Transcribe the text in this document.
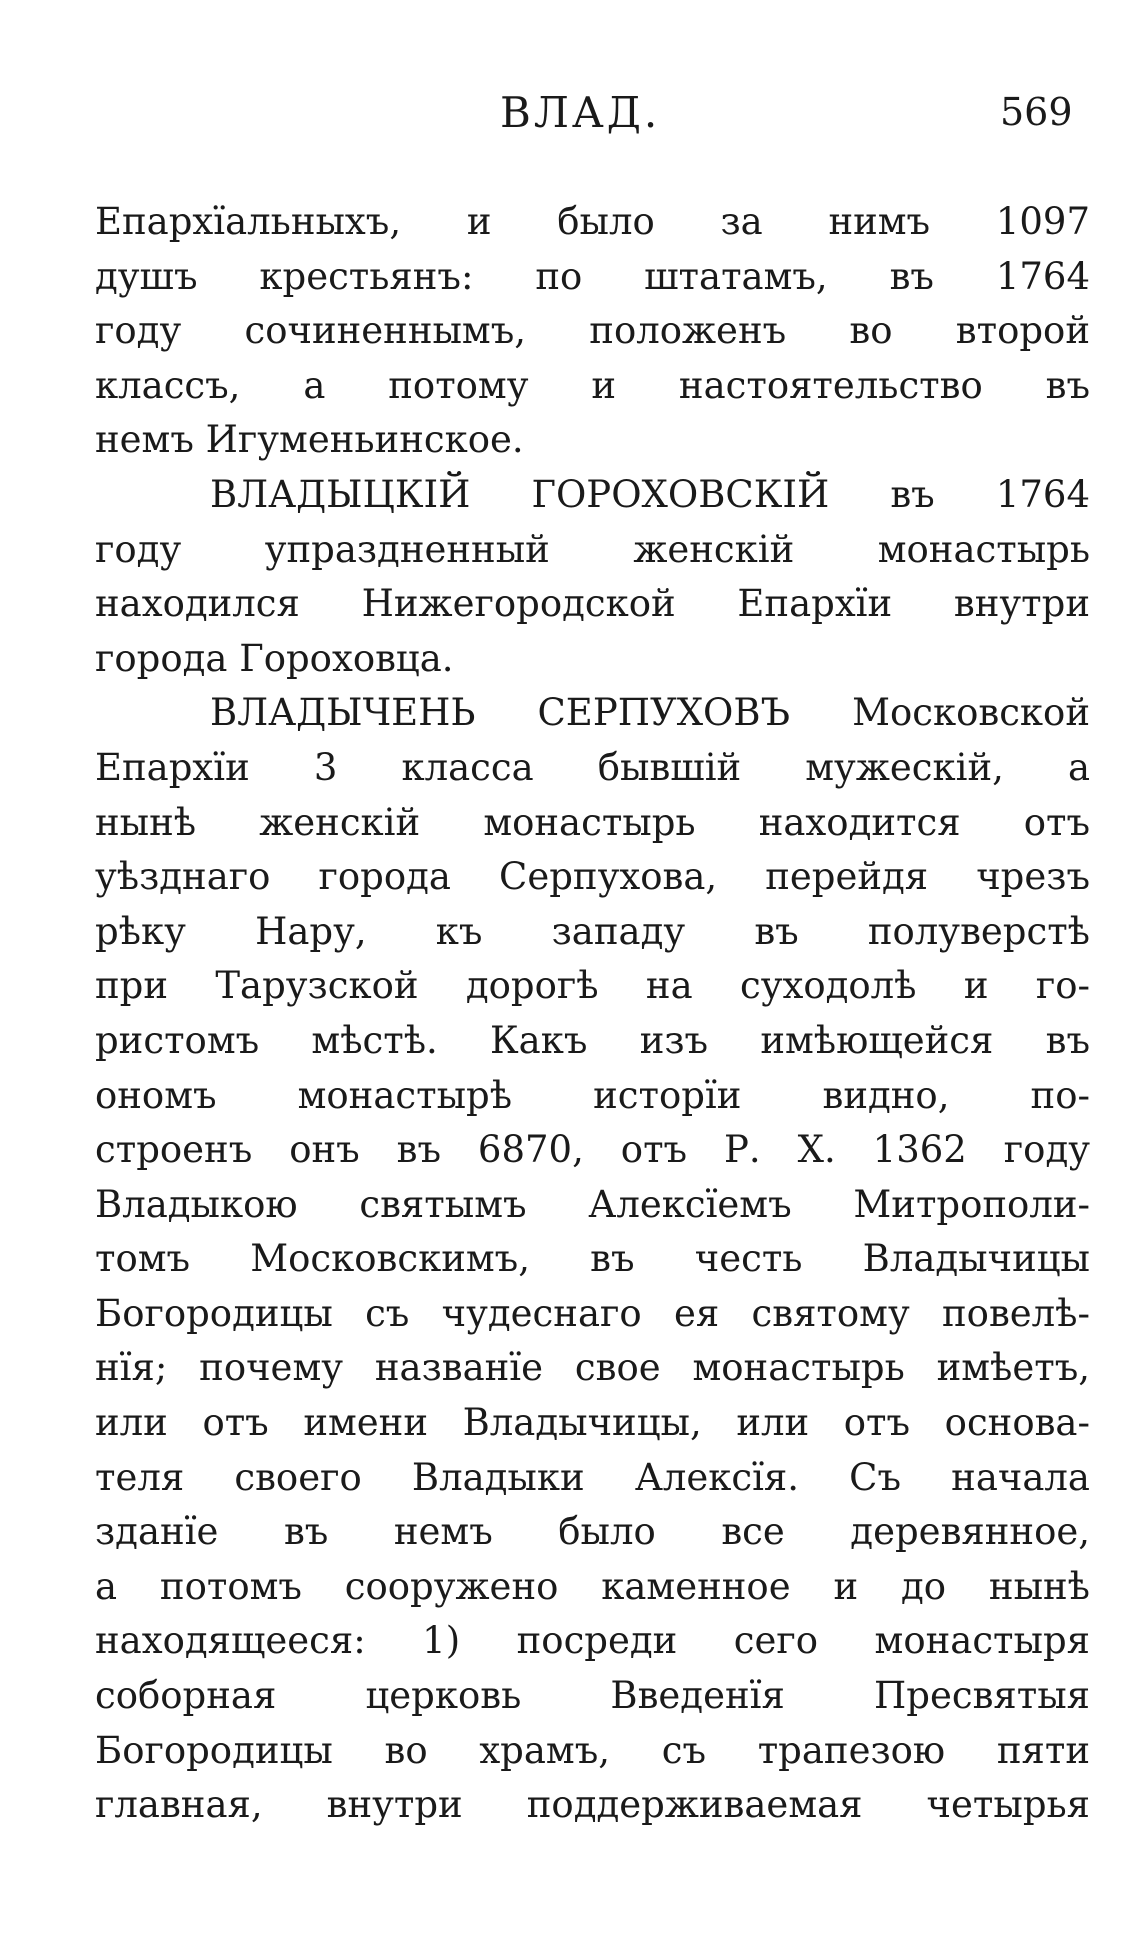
ВЛАД.	569
Епархїальныхъ, и было за нимъ 1097
душъ крестьянъ: по штатамъ, въ 1764
году сочиненнымъ, положенъ во второй
классъ, а потому и настоятельство въ
немъ Игуменьинское.
ВЛАДЫЦКІЙ ГОРОХОВСКІЙ въ 1764
году упраздненный женскій монастырь
находился Нижегородской Епархїи внутри
города Гороховца.
ВЛАДЫЧЕНЬ СЕРПУХОВЪ Московской
Епархїи 3 класса бывшій мужескій, а
нынѣ женскій монастырь находится отъ
уѣзднаго города Серпухова, перейдя чрезъ
рѣку Нару, къ западу въ полуверстѣ
при Тарузской дорогѣ на суходолѣ и го-
ристомъ мѣстѣ. Какъ изъ имѣющейся въ
ономъ монастырѣ исторїи видно, по-
строенъ онъ въ 6870, отъ Р. Х. 1362 году
Владыкою святымъ Алексїемъ Митрополи-
томъ Московскимъ, въ честь Владычицы
Богородицы съ чудеснаго ея святому повелѣ-
нїя; почему названїе свое монастырь имѣетъ,
или отъ имени Владычицы, или отъ основа-
теля своего Владыки Алексїя. Съ начала
зданїе въ немъ было все деревянное,
а потомъ сооружено каменное и до нынѣ
находящееся: 1) посреди сего монастыря
соборная церковь Введенїя Пресвятыя
Богородицы во храмъ, съ трапезою пяти
главная, внутри поддерживаемая четырья
